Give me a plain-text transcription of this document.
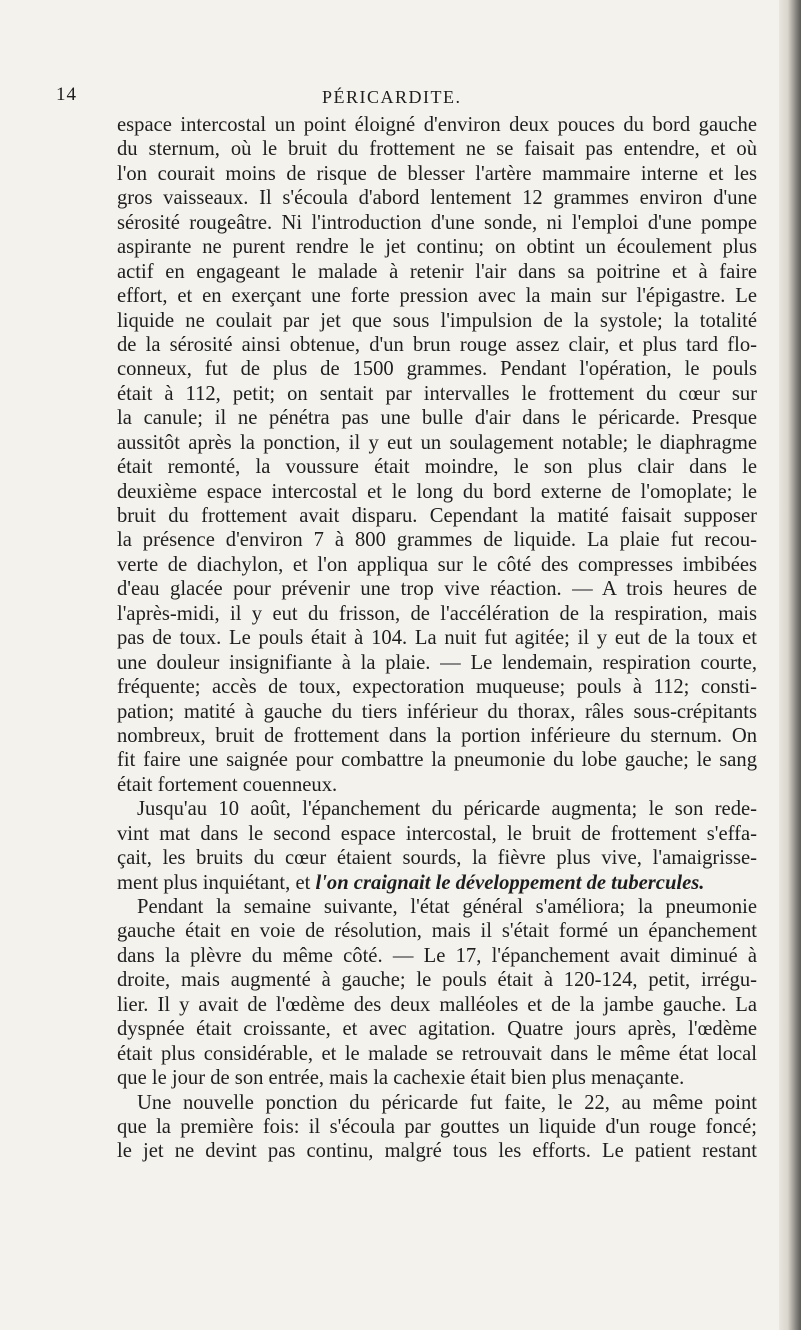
14	PÉRICARDITE.
espace intercostal un point éloigné d'environ deux pouces du bord gauche
du sternum, où le bruit du frottement ne se faisait pas entendre, et où
l'on courait moins de risque de blesser l'artère mammaire interne et les
gros vaisseaux. Il s'écoula d'abord lentement 12 grammes environ d'une
sérosité rougeâtre. Ni l'introduction d'une sonde, ni l'emploi d'une pompe
aspirante ne purent rendre le jet continu; on obtint un écoulement plus
actif en engageant le malade à retenir l'air dans sa poitrine et à faire
effort, et en exerçant une forte pression avec la main sur l'épigastre. Le
liquide ne coulait par jet que sous l'impulsion de la systole; la totalité
de la sérosité ainsi obtenue, d'un brun rouge assez clair, et plus tard flo-
conneux, fut de plus de 1500 grammes. Pendant l'opération, le pouls
était à 112, petit; on sentait par intervalles le frottement du cœur sur
la canule; il ne pénétra pas une bulle d'air dans le péricarde. Presque
aussitôt après la ponction, il y eut un soulagement notable; le diaphragme
était remonté, la voussure était moindre, le son plus clair dans le
deuxième espace intercostal et le long du bord externe de l'omoplate; le
bruit du frottement avait disparu. Cependant la matité faisait supposer
la présence d'environ 7 à 800 grammes de liquide. La plaie fut recou-
verte de diachylon, et l'on appliqua sur le côté des compresses imbibées
d'eau glacée pour prévenir une trop vive réaction. — A trois heures de
l'après-midi, il y eut du frisson, de l'accélération de la respiration, mais
pas de toux. Le pouls était à 104. La nuit fut agitée; il y eut de la toux et
une douleur insignifiante à la plaie. — Le lendemain, respiration courte,
fréquente; accès de toux, expectoration muqueuse; pouls à 112; consti-
pation; matité à gauche du tiers inférieur du thorax, râles sous-crépitants
nombreux, bruit de frottement dans la portion inférieure du sternum. On
fit faire une saignée pour combattre la pneumonie du lobe gauche; le sang
était fortement couenneux.
Jusqu'au 10 août, l'épanchement du péricarde augmenta; le son rede-
vint mat dans le second espace intercostal, le bruit de frottement s'effa-
çait, les bruits du cœur étaient sourds, la fièvre plus vive, l'amaigrisse-
ment plus inquiétant, et l'on craignait le développement de tubercules.
Pendant la semaine suivante, l'état général s'améliora; la pneumonie
gauche était en voie de résolution, mais il s'était formé un épanchement
dans la plèvre du même côté. — Le 17, l'épanchement avait diminué à
droite, mais augmenté à gauche; le pouls était à 120-124, petit, irrégu-
lier. Il y avait de l'œdème des deux malléoles et de la jambe gauche. La
dyspnée était croissante, et avec agitation. Quatre jours après, l'œdème
était plus considérable, et le malade se retrouvait dans le même état local
que le jour de son entrée, mais la cachexie était bien plus menaçante.
Une nouvelle ponction du péricarde fut faite, le 22, au même point
que la première fois: il s'écoula par gouttes un liquide d'un rouge foncé;
le jet ne devint pas continu, malgré tous les efforts. Le patient restant
